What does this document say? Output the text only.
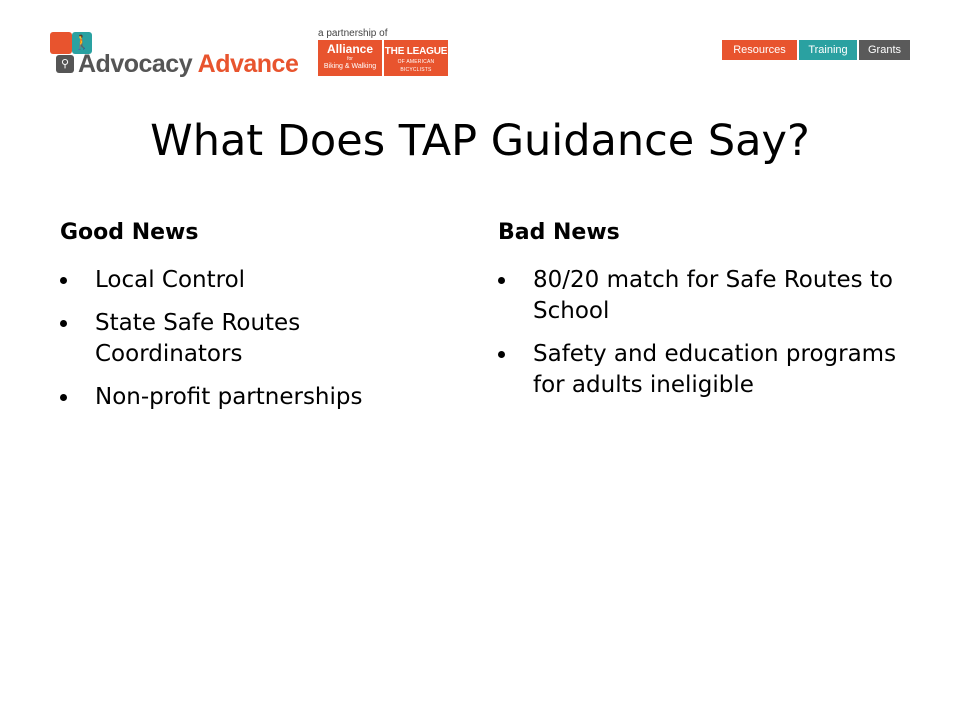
🚶
⚲ Advocacy Advance
a partnership of
Alliance
for
Biking & Walking
THE LEAGUE
OF AMERICAN BICYCLISTS
Resources	Training	Grants
What Does TAP Guidance Say?
Good News
Local Control
State Safe Routes Coordinators
Non-profit partnerships
Bad News
80/20 match for Safe Routes to School
Safety and education programs for adults ineligible
